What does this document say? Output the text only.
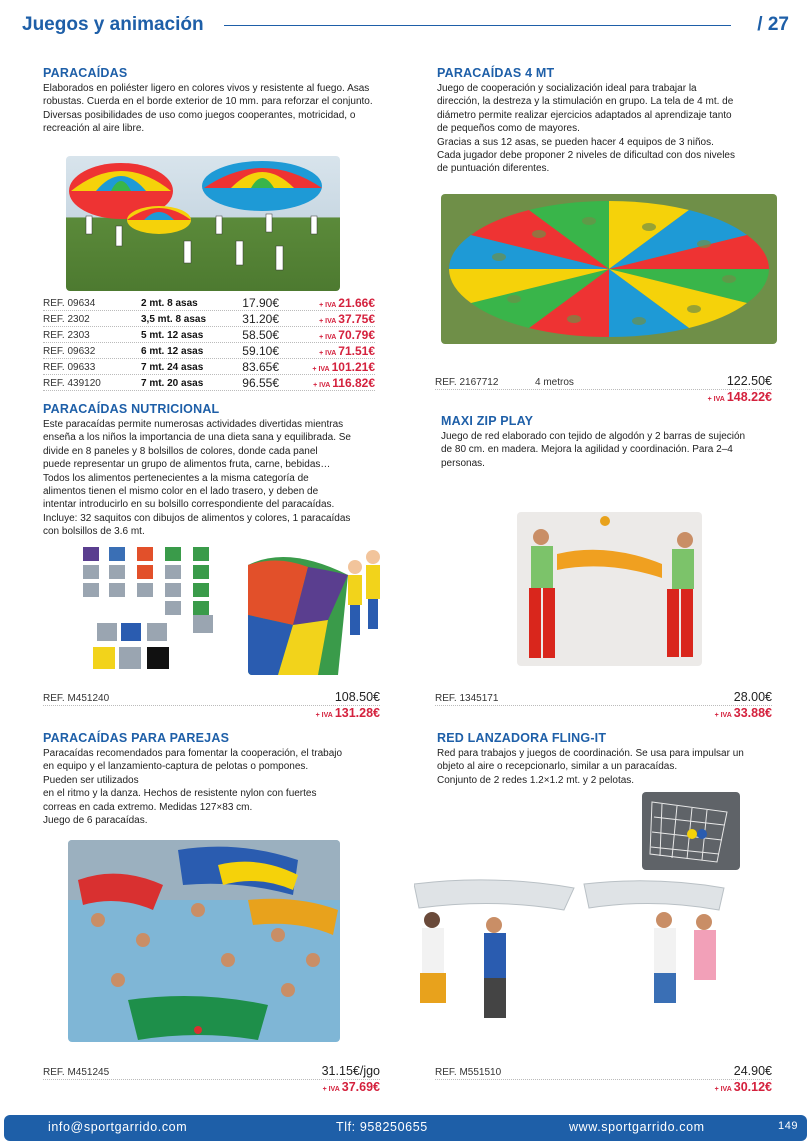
Juegos y animación	/ 27
PARACAÍDAS
Elaborados en poliéster ligero en colores vivos y resistente al fuego. Asas robustas. Cuerda en el borde exterior de 10 mm. para reforzar el conjunto. Diversas posibilidades de uso como juegos cooperantes, motricidad, o recreación al aire libre.
REF. 09634	2 mt. 8 asas	17.90€	+ IVA 21.66€
REF. 2302	3,5 mt. 8 asas	31.20€	+ IVA 37.75€
REF. 2303	5 mt. 12 asas	58.50€	+ IVA 70.79€
REF. 09632	6 mt. 12 asas	59.10€	+ IVA 71.51€
REF. 09633	7 mt. 24 asas	83.65€	+ IVA 101.21€
REF. 439120	7 mt. 20 asas	96.55€	+ IVA 116.82€
PARACAÍDAS 4 MT

Juego de cooperación y socialización ideal para trabajar la

dirección, la destreza y la stimulación en grupo. La tela de 4 mt. de

diámetro permite realizar ejercicios adaptados al aprendizaje tanto

de pequeños como de mayores.

Gracias a sus 12 asas, se pueden hacer 4 equipos de 3 niños.

Cada jugador debe proponer 2 niveles de dificultad con dos niveles

de puntuación diferentes.

REF. 2167712	4 metros	122.50€
+ IVA 148.22€
PARACAÍDAS NUTRICIONAL

Este paracaídas permite numerosas actividades divertidas mientras

enseña a los niños la importancia de una dieta sana y equilibrada. Se

divide en 8 paneles y 8 bolsillos de colores, donde cada panel

puede representar un grupo de alimentos fruta, carne, bebidas…

Todos los alimentos pertenecientes a la misma categoría de

alimentos tienen el mismo color en el lado trasero, y deben de

intentar introducirlo en su bolsillo correspondiente del paracaídas.

Incluye: 32 saquitos con dibujos de alimentos y colores, 1 paracaídas

con bolsillos de 3.6 mt.

REF. M451240	108.50€
+ IVA 131.28€
MAXI ZIP PLAY

Juego de red elaborado con tejido de algodón y 2 barras de sujeción

de 80 cm. en madera. Mejora la agilidad y coordinación. Para 2–4

personas.

REF. 1345171	28.00€
+ IVA 33.88€
PARACAÍDAS PARA PAREJAS

Paracaídas recomendados para fomentar la cooperación, el trabajo

en equipo y el lanzamiento-captura de pelotas o pompones.

Pueden ser utilizados

en el ritmo y la danza. Hechos de resistente nylon con fuertes

correas en cada extremo. Medidas 127×83 cm.

Juego de 6 paracaídas.

REF. M451245	31.15€/jgo
+ IVA 37.69€
RED LANZADORA FLING-IT

Red para trabajos y juegos de coordinación. Se usa para impulsar un

objeto al aire o recepcionarlo, similar a un paracaídas.

Conjunto de 2 redes 1.2×1.2 mt. y 2 pelotas.

REF. M551510	24.90€
+ IVA 30.12€
info@sportgarrido.com	Tlf: 958250655	www.sportgarrido.com	149
